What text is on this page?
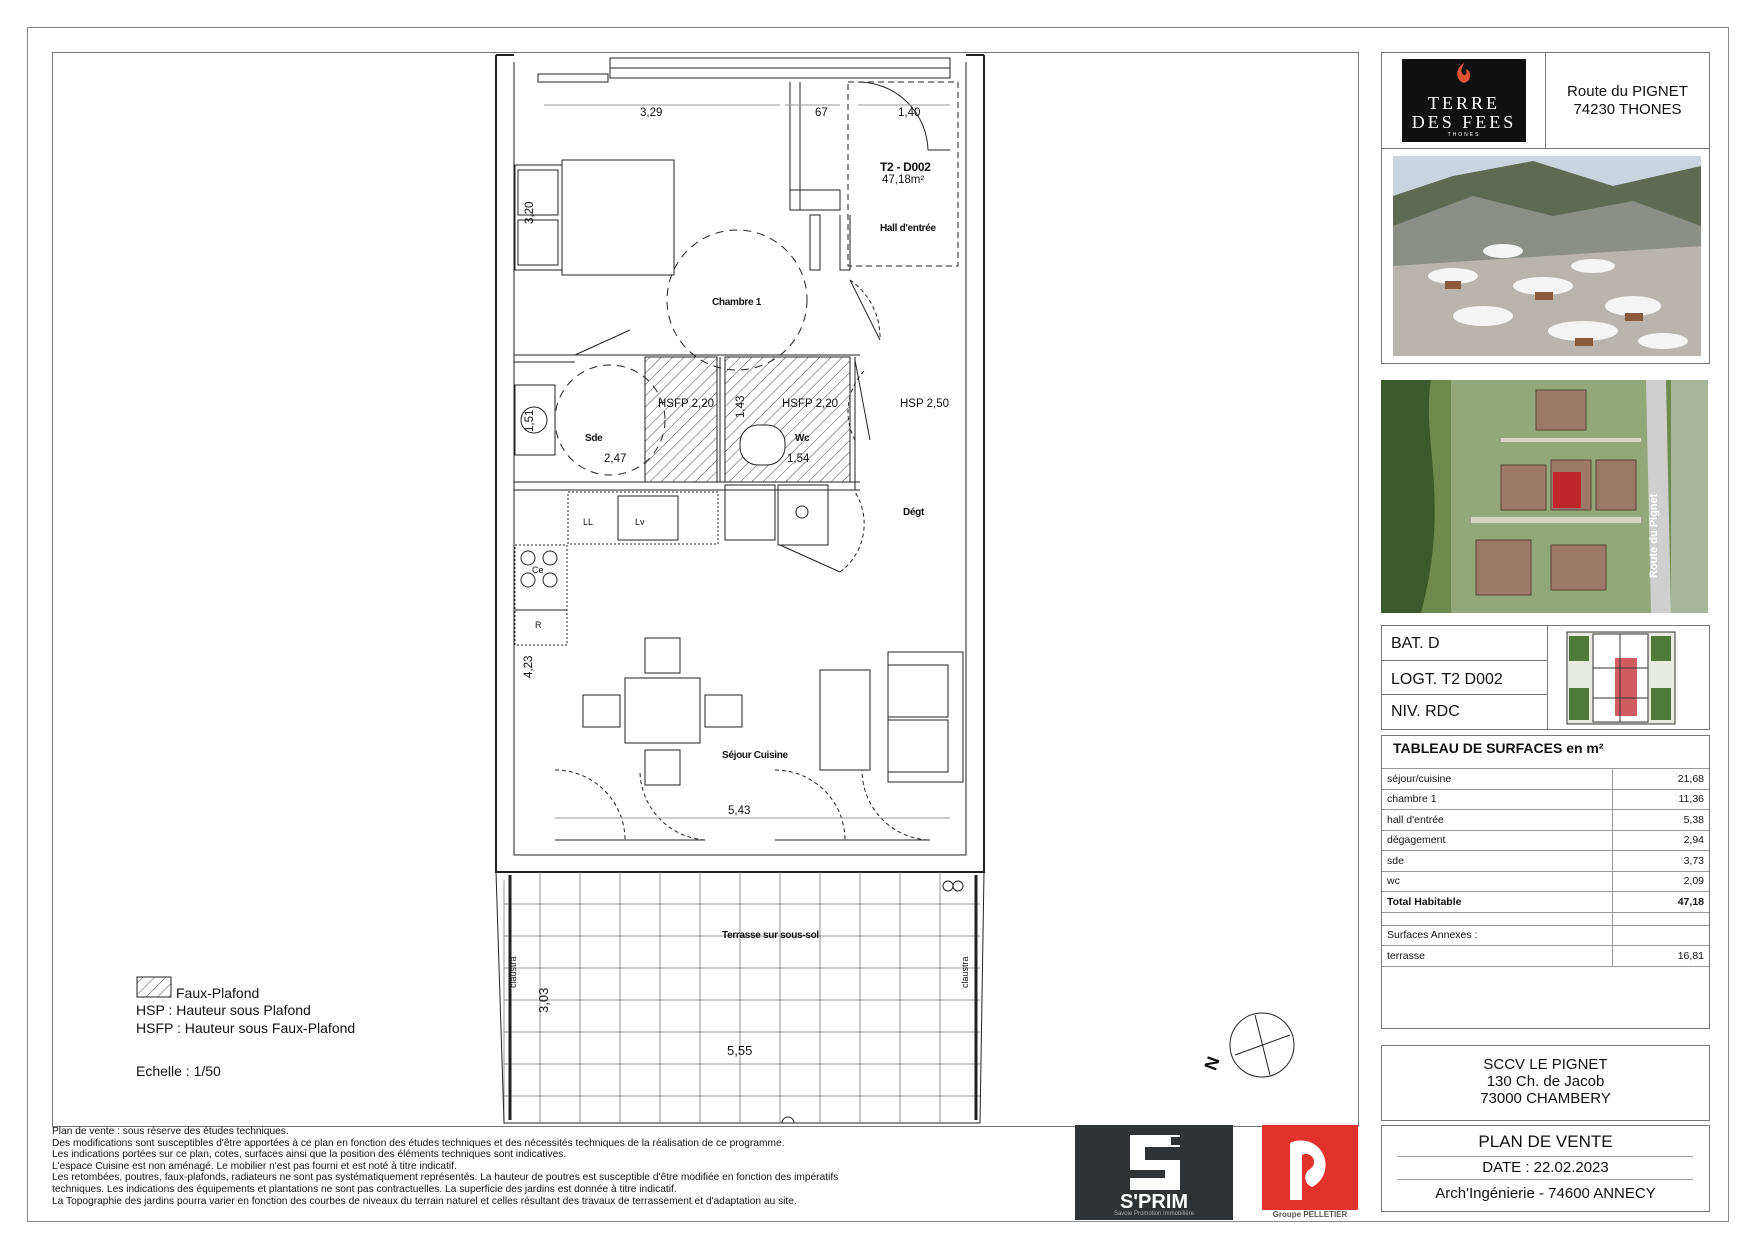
T2 - D002
47,18m²
Hall d'entrée
Chambre 1
Sde	Wc
Dégt
Séjour Cuisine
Terrasse sur sous-sol
HSFP 2,20	HSFP 2,20	HSP 2,50
LL	Lv
Ce
R
claustra	claustra
3,29	67	1,40
3,20
1,51
1,43
2,47	1,54
4,23
5,43
3,03
5,55
N
Faux-Plafond
HSP : Hauteur sous Plafond
HSFP : Hauteur sous Faux-Plafond
Echelle : 1/50
Plan de vente : sous réserve des études techniques.
Des modifications sont susceptibles d'être apportées à ce plan en fonction des études techniques et des nécessités techniques de la réalisation de ce programme.
Les indications portées sur ce plan, cotes, surfaces ainsi que la position des éléments techniques sont indicatives.
L'espace Cuisine est non aménagé. Le mobilier n'est pas fourni et est noté à titre indicatif.
Les retombées, poutres, faux-plafonds, radiateurs ne sont pas systématiquement représentés. La hauteur de poutres est susceptible d'être modifiée en fonction des impératifs
techniques. Les indications des équipements et plantations ne sont pas contractuelles. La superficie des jardins est donnée à titre indicatif.
La Topographie des jardins pourra varier en fonction des courbes de niveaux du terrain naturel et celles résultant des travaux de terrassement et d'adaptation au site.	S'PRIM
Savoie Promotion Immobilière	Groupe PELLETIER
TERRE
DES FEES
THONES
Route du PIGNET
74230 THONES
Route du Pignet
BAT. D
LOGT. T2 D002
NIV. RDC
TABLEAU DE SURFACES en m²
séjour/cuisine	21,68
chambre 1	11,36
hall d'entrée	5,38
dégagement	2,94
sde	3,73
wc	2,09
Total Habitable	47,18

Surfaces Annexes :	
terrasse	16,81
SCCV LE PIGNET
130 Ch. de Jacob
73000 CHAMBERY
PLAN DE VENTE
DATE : 22.02.2023
Arch'Ingénierie - 74600 ANNECY
